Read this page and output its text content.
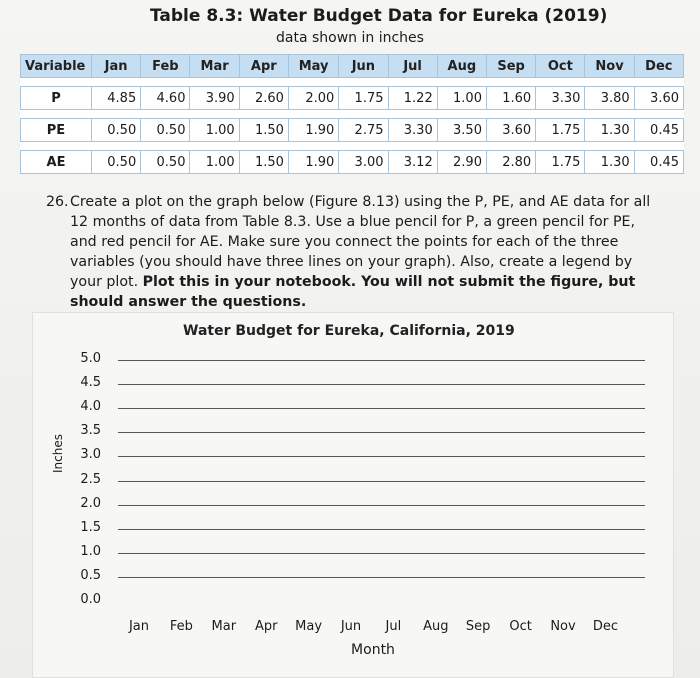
Table 8.3: Water Budget Data for Eureka (2019)
data shown in inches
Variable	Jan	Feb	Mar	Apr	May	Jun	Jul	Aug	Sep	Oct	Nov	Dec

P	4.85	4.60	3.90	2.60	2.00	1.75	1.22	1.00	1.60	3.30	3.80	3.60

PE	0.50	0.50	1.00	1.50	1.90	2.75	3.30	3.50	3.60	1.75	1.30	0.45

AE	0.50	0.50	1.00	1.50	1.90	3.00	3.12	2.90	2.80	1.75	1.30	0.45
26. Create a plot on the graph below (Figure 8.13) using the P, PE, and AE data for all 12 months of data from Table 8.3. Use a blue pencil for P, a green pencil for PE, and red pencil for AE. Make sure you connect the points for each of the three variables (you should have three lines on your graph). Also, create a legend by your plot. Plot this in your notebook. You will not submit the figure, but should answer the questions.
Water Budget for Eureka, California, 2019
Inches
Month
0.0
0.5
1.0
1.5
2.0
2.5
3.0
3.5
4.0
4.5
5.0
Jan	Feb	Mar	Apr	May	Jun	Jul	Aug	Sep	Oct	Nov	Dec
